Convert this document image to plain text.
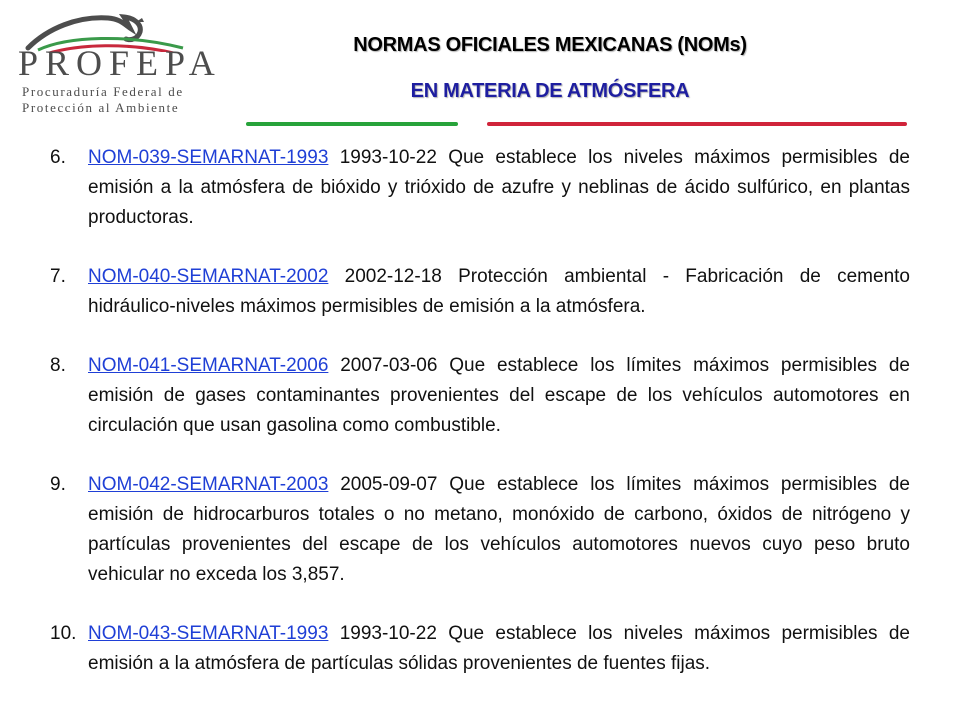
PROFEPA
Procuraduría Federal de
Protección al Ambiente
NORMAS OFICIALES MEXICANAS (NOMs)
EN MATERIA DE ATMÓSFERA
6. NOM-039-SEMARNAT-1993 1993-10-22 Que establece los niveles máximos permisibles de emisión a la atmósfera de bióxido y trióxido de azufre y neblinas de ácido sulfúrico, en plantas productoras.
7. NOM-040-SEMARNAT-2002 2002-12-18 Protección ambiental - Fabricación de cemento hidráulico-niveles máximos permisibles de emisión a la atmósfera.
8. NOM-041-SEMARNAT-2006 2007-03-06 Que establece los límites máximos permisibles de emisión de gases contaminantes provenientes del escape de los vehículos automotores en circulación que usan gasolina como combustible.
9. NOM-042-SEMARNAT-2003 2005-09-07 Que establece los límites máximos permisibles de emisión de hidrocarburos totales o no metano, monóxido de carbono, óxidos de nitrógeno y partículas provenientes del escape de los vehículos automotores nuevos cuyo peso bruto vehicular no exceda los 3,857.
10. NOM-043-SEMARNAT-1993 1993-10-22 Que establece los niveles máximos permisibles de emisión a la atmósfera de partículas sólidas provenientes de fuentes fijas.
